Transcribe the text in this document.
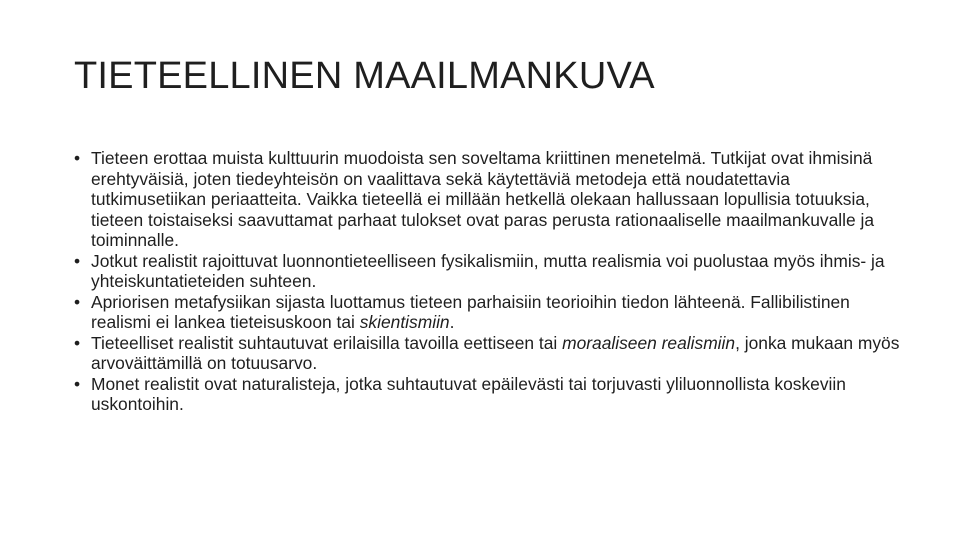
TIETEELLINEN MAAILMANKUVA
• Tieteen erottaa muista kulttuurin muodoista sen soveltama kriittinen menetelmä. Tutkijat ovat ihmisinä erehtyväisiä, joten tiedeyhteisön on vaalittava sekä käytettäviä metodeja että noudatettavia tutkimusetiikan periaatteita. Vaikka tieteellä ei millään hetkellä olekaan hallussaan lopullisia totuuksia, tieteen toistaiseksi saavuttamat parhaat tulokset ovat paras perusta rationaaliselle maailmankuvalle ja toiminnalle.
• Jotkut realistit rajoittuvat luonnontieteelliseen fysikalismiin, mutta realismia voi puolustaa myös ihmis- ja yhteiskuntatieteiden suhteen.
• Apriorisen metafysiikan sijasta luottamus tieteen parhaisiin teorioihin tiedon lähteenä. Fallibilistinen realismi ei lankea tieteisuskoon tai skientismiin.
• Tieteelliset realistit suhtautuvat erilaisilla tavoilla eettiseen tai moraaliseen realismiin, jonka mukaan myös arvoväittämillä on totuusarvo.
• Monet realistit ovat naturalisteja, jotka suhtautuvat epäilevästi tai torjuvasti yliluonnollista koskeviin uskontoihin.
